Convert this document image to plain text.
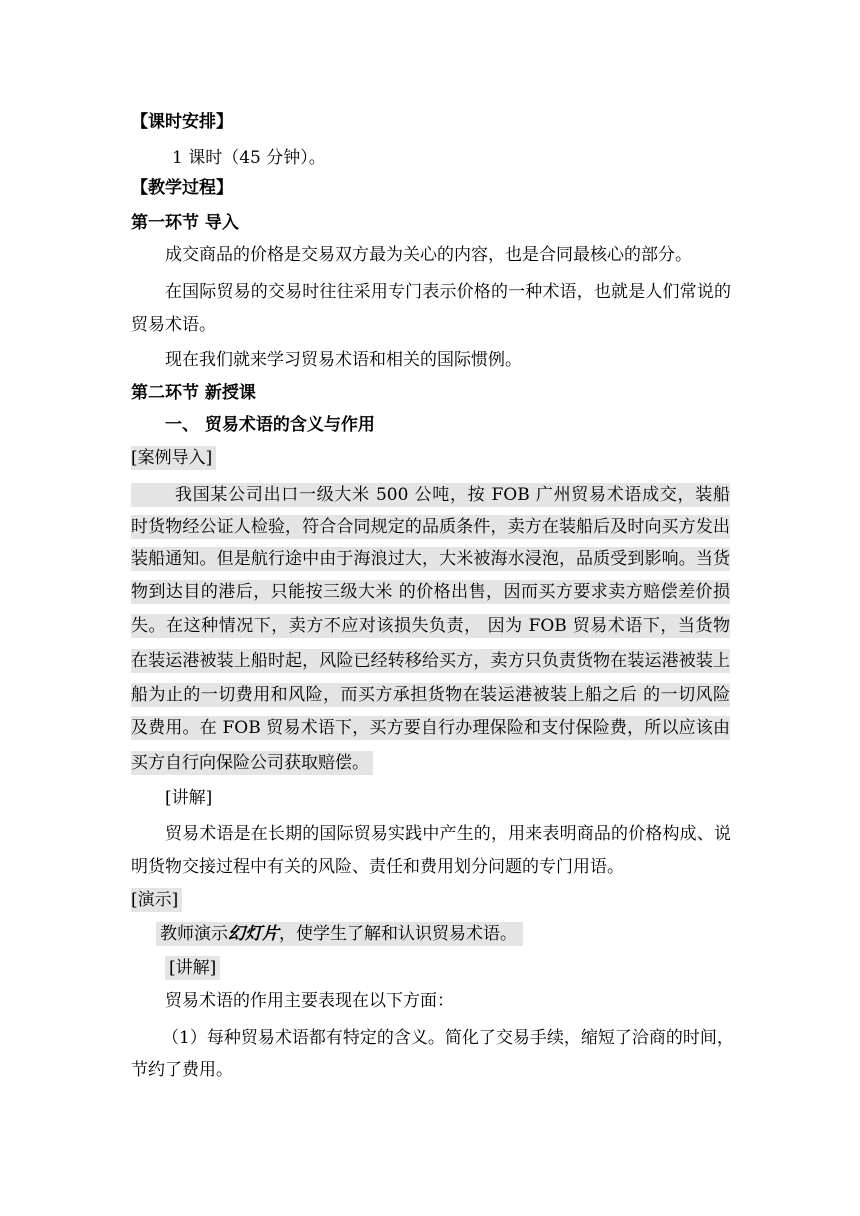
【课时安排】
1 课时（45 分钟）。
【教学过程】
第一环节 导入
成交商品的价格是交易双方最为关心的内容，也是合同最核心的部分。
在国际贸易的交易时往往采用专门表示价格的一种术语，也就是人们常说的
贸易术语。
现在我们就来学习贸易术语和相关的国际惯例。
第二环节 新授课
一、 贸易术语的含义与作用
[案例导入]
我国某公司出口一级大米 500 公吨，按 FOB 广州贸易术语成交，装船
时货物经公证人检验，符合合同规定的品质条件，卖方在装船后及时向买方发出
装船通知。但是航行途中由于海浪过大，大米被海水浸泡，品质受到影响。当货
物到达目的港后，只能按三级大米 的价格出售，因而买方要求卖方赔偿差价损
失。在这种情况下，卖方不应对该损失负责， 因为 FOB 贸易术语下，当货物
在装运港被装上船时起，风险已经转移给买方，卖方只负责货物在装运港被装上
船为止的一切费用和风险，而买方承担货物在装运港被装上船之后 的一切风险
及费用。在 FOB 贸易术语下，买方要自行办理保险和支付保险费，所以应该由
买方自行向保险公司获取赔偿。
[讲解]
贸易术语是在长期的国际贸易实践中产生的，用来表明商品的价格构成、说
明货物交接过程中有关的风险、责任和费用划分问题的专门用语。
[演示]
教师演示幻灯片，使学生了解和认识贸易术语。
[讲解]
贸易术语的作用主要表现在以下方面：
（1）每种贸易术语都有特定的含义。简化了交易手续，缩短了洽商的时间，
节约了费用。
